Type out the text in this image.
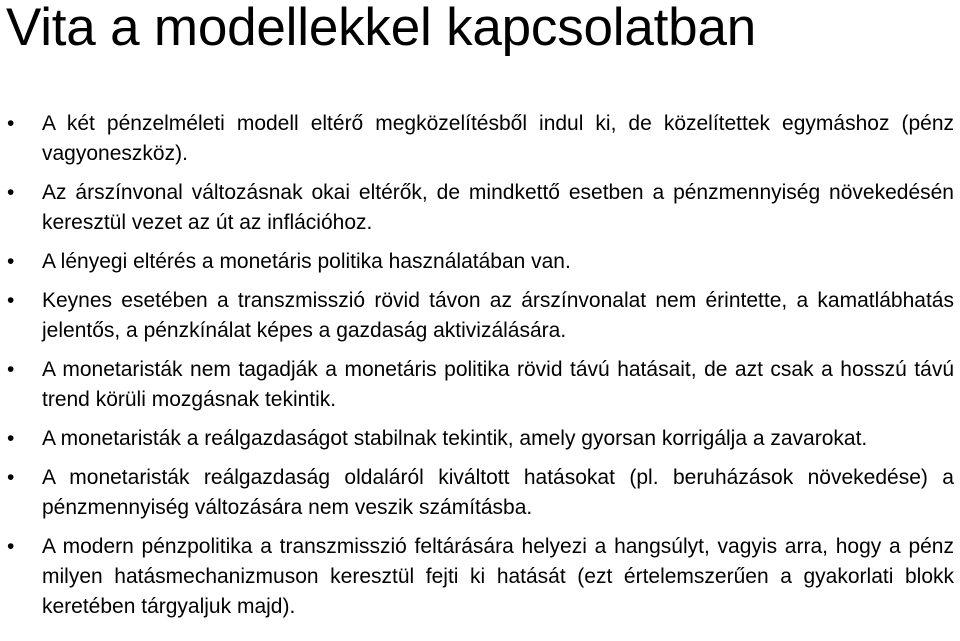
Vita a modellekkel kapcsolatban
• A két pénzelméleti modell eltérő megközelítésből indul ki, de közelítettek egymáshoz (pénz vagyoneszköz).
• Az árszínvonal változásnak okai eltérők, de mindkettő esetben a pénzmennyiség növekedésén keresztül vezet az út az inflációhoz.
• A lényegi eltérés a monetáris politika használatában van.
• Keynes esetében a transzmisszió rövid távon az árszínvonalat nem érintette, a kamatlábhatás jelentős, a pénzkínálat képes a gazdaság aktivizálására.
• A monetaristák nem tagadják a monetáris politika rövid távú hatásait, de azt csak a hosszú távú trend körüli mozgásnak tekintik.
• A monetaristák a reálgazdaságot stabilnak tekintik, amely gyorsan korrigálja a zavarokat.
• A monetaristák reálgazdaság oldaláról kiváltott hatásokat (pl. beruházások növekedése) a pénzmennyiség változására nem veszik számításba.
• A modern pénzpolitika a transzmisszió feltárására helyezi a hangsúlyt, vagyis arra, hogy a pénz milyen hatásmechanizmuson keresztül fejti ki hatását (ezt értelemszerűen a gyakorlati blokk keretében tárgyaljuk majd).
